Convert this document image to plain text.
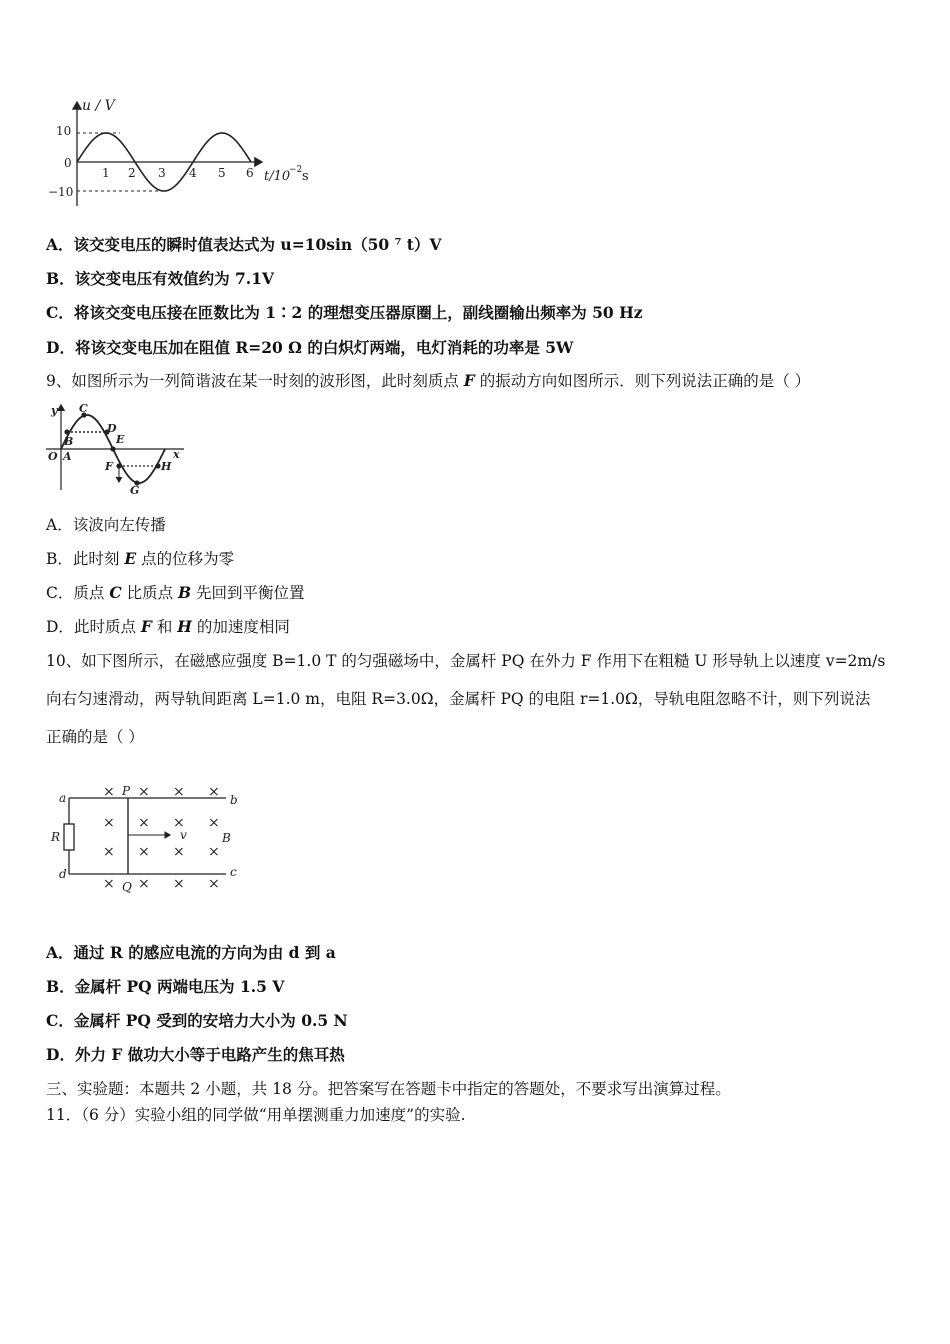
u / V
10
0
−10
1 2 3 4 5 6 t/10
−2 s
A．该交变电压的瞬时值表达式为 u=10sin（50 ⁷ t）V
B．该交变电压有效值约为 7.1V
C．将该交变电压接在匝数比为 1∶2 的理想变压器原圈上，副线圈输出频率为 50 Hz
D．将该交变电压加在阻值 R=20 Ω 的白炽灯两端，电灯消耗的功率是 5W
9、如图所示为一列简谐波在某一时刻的波形图，此时刻质点 F 的振动方向如图所示．则下列说法正确的是（ ）
y
O A
B
C
D
E
F
G
H
x
A．该波向左传播
B．此时刻 E 点的位移为零
C．质点 C 比质点 B 先回到平衡位置
D．此时质点 F 和 H 的加速度相同
10、如下图所示，在磁感应强度 B=1.0 T 的匀强磁场中，金属杆 PQ 在外力 F 作用下在粗糙 U 形导轨上以速度 v=2m/s
向右匀速滑动，两导轨间距离 L=1.0 m，电阻 R=3.0Ω，金属杆 PQ 的电阻 r=1.0Ω，导轨电阻忽略不计，则下列说法
正确的是（ ）
× × × ×
× × × ×
× × × ×
× × × ×
a
d
R
P
Q
v	B
b
c
A．通过 R 的感应电流的方向为由 d 到 a
B．金属杆 PQ 两端电压为 1.5 V
C．金属杆 PQ 受到的安培力大小为 0.5 N
D．外力 F 做功大小等于电路产生的焦耳热
三、实验题：本题共 2 小题，共 18 分。把答案写在答题卡中指定的答题处，不要求写出演算过程。
11．（6 分）实验小组的同学做“用单摆测重力加速度”的实验.
